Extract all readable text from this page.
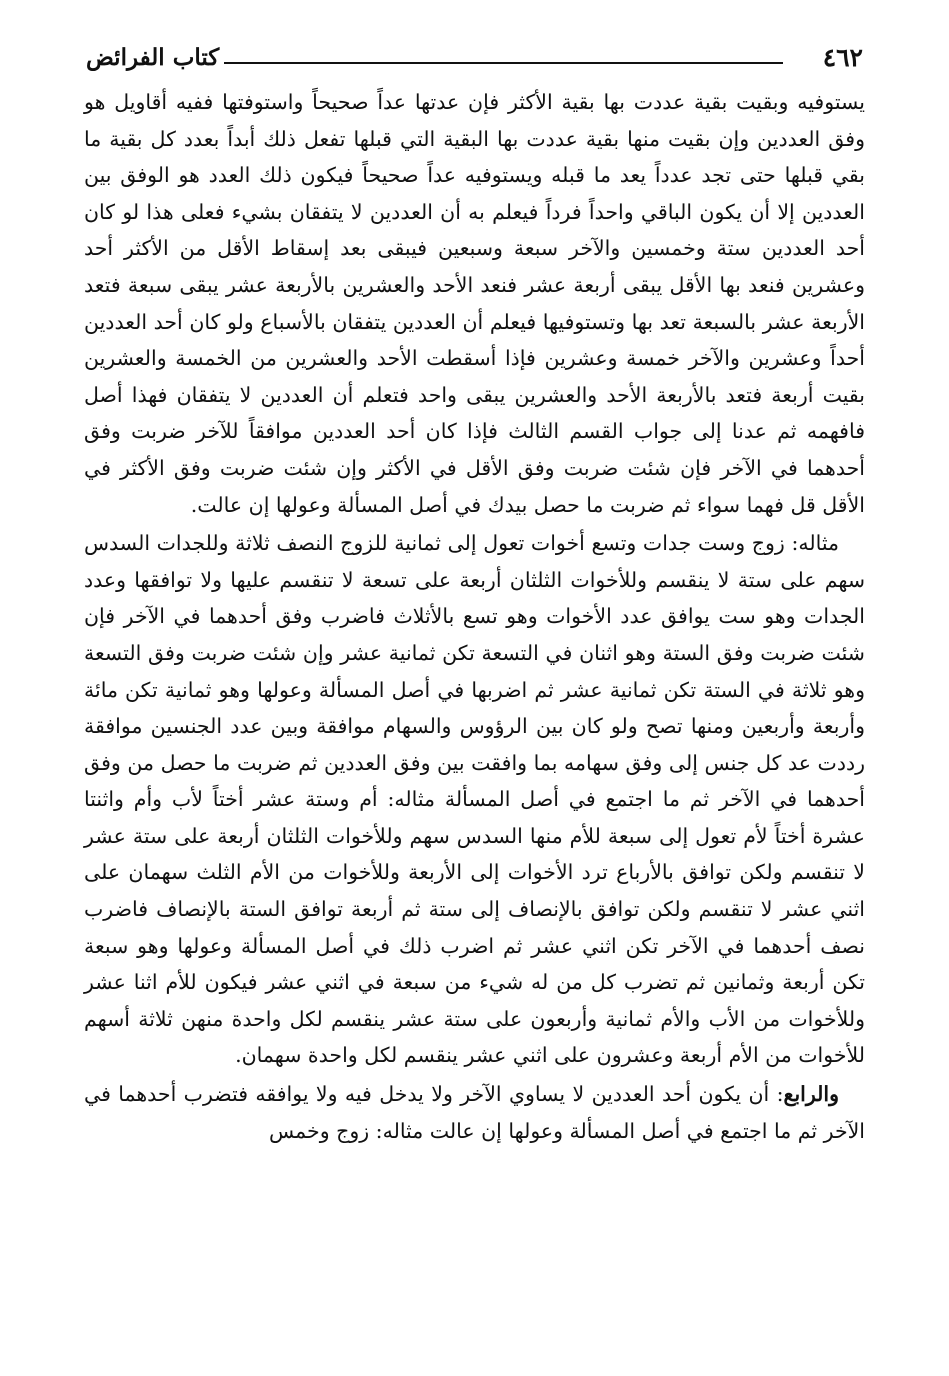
٤٦٢
كتاب الفرائض

يستوفيه وبقيت بقية عددت بها بقية الأكثر فإن عدتها عداً صحيحاً واستوفتها ففيه أقاويل هو وفق العددين وإن بقيت منها بقية عددت بها البقية التي قبلها تفعل ذلك أبداً بعدد كل بقية ما بقي قبلها حتى تجد عدداً يعد ما قبله ويستوفيه عداً صحيحاً فيكون ذلك العدد هو الوفق بين العددين إلا أن يكون الباقي واحداً فرداً فيعلم به أن العددين لا يتفقان بشيء فعلى هذا لو كان أحد العددين ستة وخمسين والآخر سبعة وسبعين فيبقى بعد إسقاط الأقل من الأكثر أحد وعشرين فنعد بها الأقل يبقى أربعة عشر فنعد الأحد والعشرين بالأربعة عشر يبقى سبعة فتعد الأربعة عشر بالسبعة تعد بها وتستوفيها فيعلم أن العددين يتفقان بالأسباع ولو كان أحد العددين أحداً وعشرين والآخر خمسة وعشرين فإذا أسقطت الأحد والعشرين من الخمسة والعشرين بقيت أربعة فتعد بالأربعة الأحد والعشرين يبقى واحد فتعلم أن العددين لا يتفقان فهذا أصل فافهمه ثم عدنا إلى جواب القسم الثالث فإذا كان أحد العددين موافقاً للآخر ضربت وفق أحدهما في الآخر فإن شئت ضربت وفق الأقل في الأكثر وإن شئت ضربت وفق الأكثر في الأقل قل فهما سواء ثم ضربت ما حصل بيدك في أصل المسألة وعولها إن عالت.

مثاله: زوج وست جدات وتسع أخوات تعول إلى ثمانية للزوج النصف ثلاثة وللجدات السدس سهم على ستة لا ينقسم وللأخوات الثلثان أربعة على تسعة لا تنقسم عليها ولا توافقها وعدد الجدات وهو ست يوافق عدد الأخوات وهو تسع بالأثلاث فاضرب وفق أحدهما في الآخر فإن شئت ضربت وفق الستة وهو اثنان في التسعة تكن ثمانية عشر وإن شئت ضربت وفق التسعة وهو ثلاثة في الستة تكن ثمانية عشر ثم اضربها في أصل المسألة وعولها وهو ثمانية تكن مائة وأربعة وأربعين ومنها تصح ولو كان بين الرؤوس والسهام موافقة وبين عدد الجنسين موافقة رددت عد كل جنس إلى وفق سهامه بما وافقت بين وفق العددين ثم ضربت ما حصل من وفق أحدهما في الآخر ثم ما اجتمع في أصل المسألة مثاله: أم وستة عشر أختاً لأب وأم واثنتا عشرة أختاً لأم تعول إلى سبعة للأم منها السدس سهم وللأخوات الثلثان أربعة على ستة عشر لا تنقسم ولكن توافق بالأرباع ترد الأخوات إلى الأربعة وللأخوات من الأم الثلث سهمان على اثني عشر لا تنقسم ولكن توافق بالإنصاف إلى ستة ثم أربعة توافق الستة بالإنصاف فاضرب نصف أحدهما في الآخر تكن اثني عشر ثم اضرب ذلك في أصل المسألة وعولها وهو سبعة تكن أربعة وثمانين ثم تضرب كل من له شيء من سبعة في اثني عشر فيكون للأم اثنا عشر وللأخوات من الأب والأم ثمانية وأربعون على ستة عشر ينقسم لكل واحدة منهن ثلاثة أسهم للأخوات من الأم أربعة وعشرون على اثني عشر ينقسم لكل واحدة سهمان.

والرابع: أن يكون أحد العددين لا يساوي الآخر ولا يدخل فيه ولا يوافقه فتضرب أحدهما في الآخر ثم ما اجتمع في أصل المسألة وعولها إن عالت مثاله: زوج وخمس
